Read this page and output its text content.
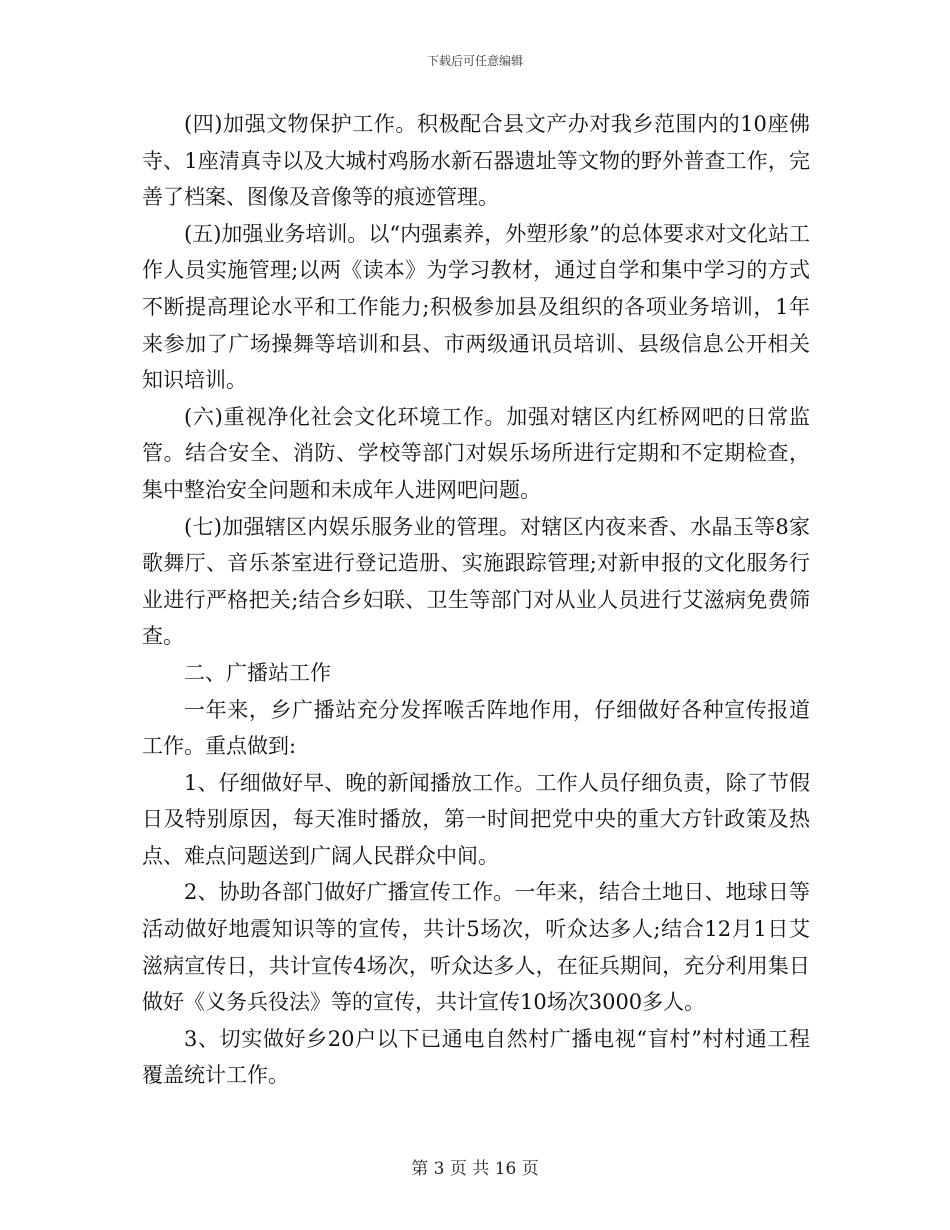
下载后可任意编辑

(四)加强文物保护工作。积极配合县文产办对我乡范围内的10座佛寺、1座清真寺以及大城村鸡肠水新石器遗址等文物的野外普查工作，完善了档案、图像及音像等的痕迹管理。

(五)加强业务培训。以“内强素养，外塑形象”的总体要求对文化站工作人员实施管理;以两《读本》为学习教材，通过自学和集中学习的方式不断提高理论水平和工作能力;积极参加县及组织的各项业务培训，1年来参加了广场操舞等培训和县、市两级通讯员培训、县级信息公开相关知识培训。

(六)重视净化社会文化环境工作。加强对辖区内红桥网吧的日常监管。结合安全、消防、学校等部门对娱乐场所进行定期和不定期检查，集中整治安全问题和未成年人进网吧问题。

(七)加强辖区内娱乐服务业的管理。对辖区内夜来香、水晶玉等8家歌舞厅、音乐茶室进行登记造册、实施跟踪管理;对新申报的文化服务行业进行严格把关;结合乡妇联、卫生等部门对从业人员进行艾滋病免费筛查。

二、广播站工作

一年来，乡广播站充分发挥喉舌阵地作用，仔细做好各种宣传报道工作。重点做到:

1、仔细做好早、晚的新闻播放工作。工作人员仔细负责，除了节假日及特别原因，每天准时播放，第一时间把党中央的重大方针政策及热点、难点问题送到广阔人民群众中间。

2、协助各部门做好广播宣传工作。一年来，结合土地日、地球日等活动做好地震知识等的宣传，共计5场次，听众达多人;结合12月1日艾滋病宣传日，共计宣传4场次，听众达多人，在征兵期间，充分利用集日做好《义务兵役法》等的宣传，共计宣传10场次3000多人。

3、切实做好乡20户以下已通电自然村广播电视“盲村”村村通工程覆盖统计工作。

第 3 页 共 16 页
